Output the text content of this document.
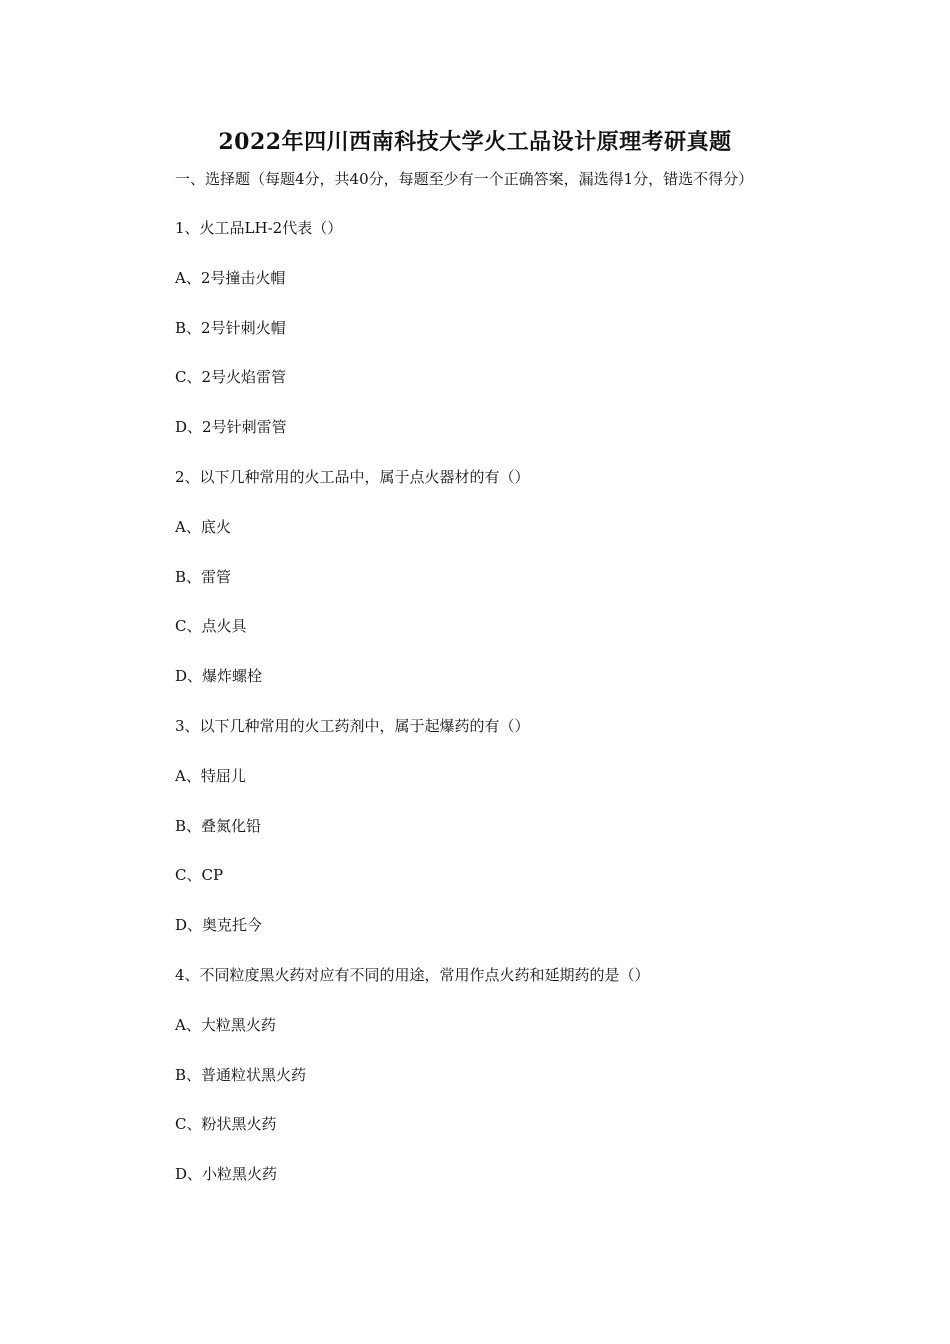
2022年四川西南科技大学火工品设计原理考研真题

一、选择题（每题4分，共40分，每题至少有一个正确答案，漏选得1分，错选不得分）

1、火工品LH-2代表（）

A、2号撞击火帽

B、2号针刺火帽

C、2号火焰雷管

D、2号针刺雷管

2、以下几种常用的火工品中，属于点火器材的有（）

A、底火

B、雷管

C、点火具

D、爆炸螺栓

3、以下几种常用的火工药剂中，属于起爆药的有（）

A、特屈儿

B、叠氮化铅

C、CP

D、奥克托今

4、不同粒度黑火药对应有不同的用途，常用作点火药和延期药的是（）

A、大粒黑火药

B、普通粒状黑火药

C、粉状黑火药

D、小粒黑火药
